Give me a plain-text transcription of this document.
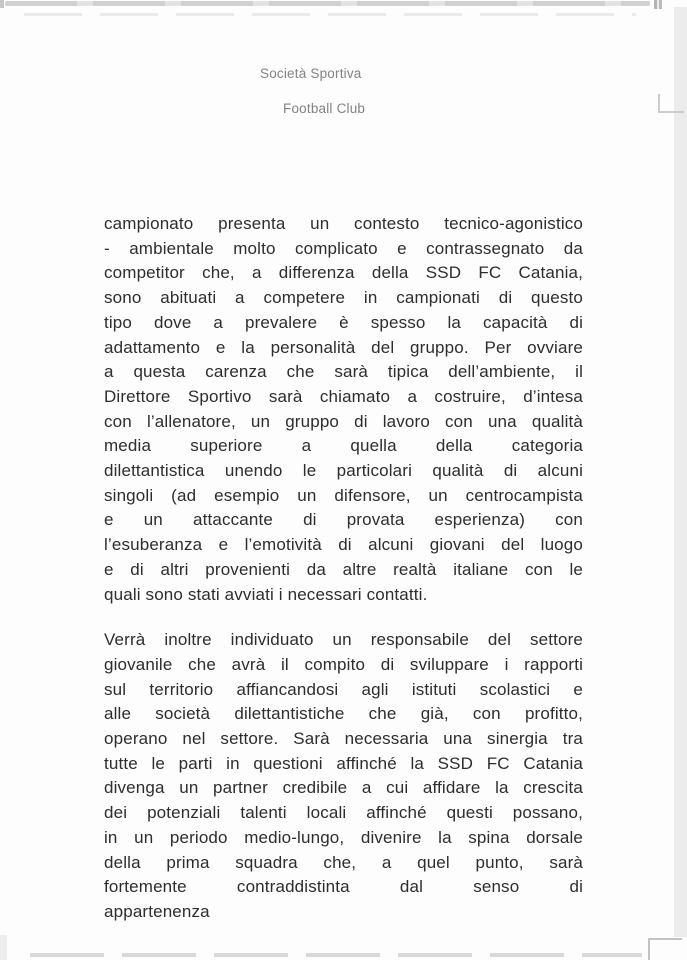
Società Sportiva
Football Club
campionato presenta un contesto tecnico-agonistico
- ambientale molto complicato e contrassegnato da
competitor che, a differenza della SSD FC Catania,
sono abituati a competere in campionati di questo
tipo dove a prevalere è spesso la capacità di
adattamento e la personalità del gruppo. Per ovviare
a questa carenza che sarà tipica dell’ambiente, il
Direttore Sportivo sarà chiamato a costruire, d’intesa
con l’allenatore, un gruppo di lavoro con una qualità
media superiore a quella della categoria
dilettantistica unendo le particolari qualità di alcuni
singoli (ad esempio un difensore, un centrocampista
e un attaccante di provata esperienza) con
l’esuberanza e l’emotività di alcuni giovani del luogo
e di altri provenienti da altre realtà italiane con le
quali sono stati avviati i necessari contatti.
Verrà inoltre individuato un responsabile del settore
giovanile che avrà il compito di sviluppare i rapporti
sul territorio affiancandosi agli istituti scolastici e
alle società dilettantistiche che già, con profitto,
operano nel settore. Sarà necessaria una sinergia tra
tutte le parti in questioni affinché la SSD FC Catania
divenga un partner credibile a cui affidare la crescita
dei potenziali talenti locali affinché questi possano,
in un periodo medio-lungo, divenire la spina dorsale
della prima squadra che, a quel punto, sarà
fortemente contraddistinta dal senso di
appartenenza
